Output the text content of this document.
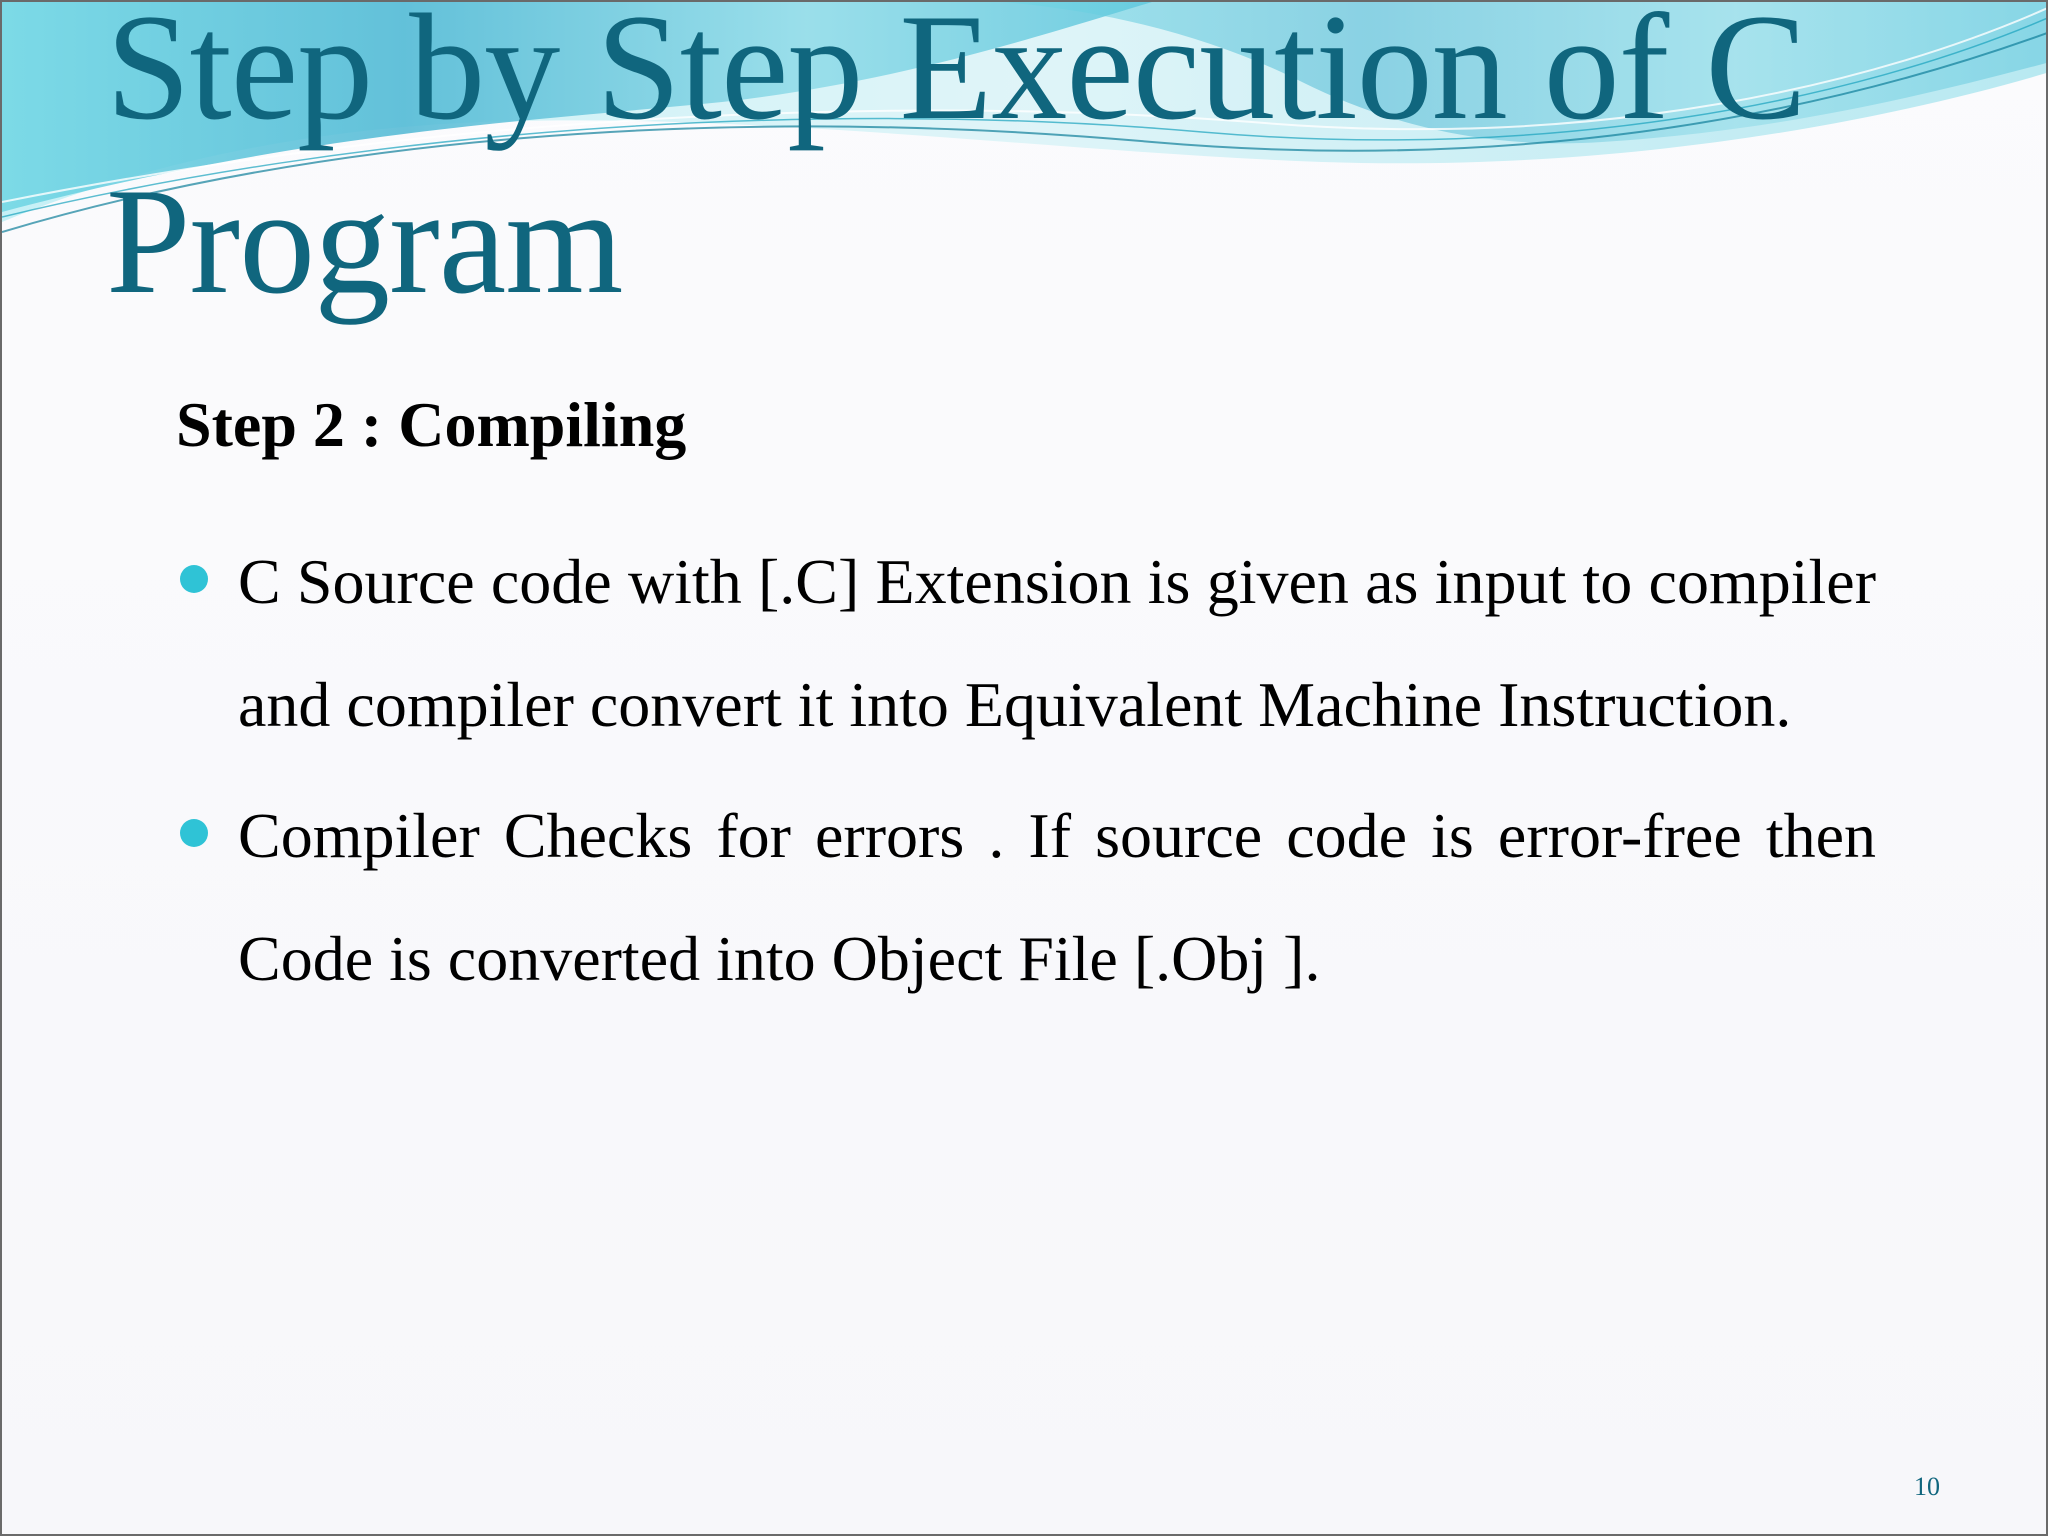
Step by Step Execution of C Program
Step 2 : Compiling
C Source code with [.C] Extension is given as input to compiler and compiler convert it into Equivalent Machine Instruction.
Compiler Checks for errors . If source code is error-free then Code is converted into Object File [.Obj ].
10
